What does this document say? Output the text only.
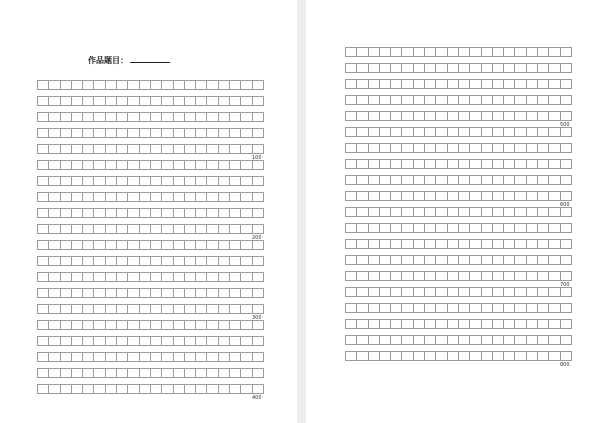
作品题目：
100
200
300
400
500
600
700
800
